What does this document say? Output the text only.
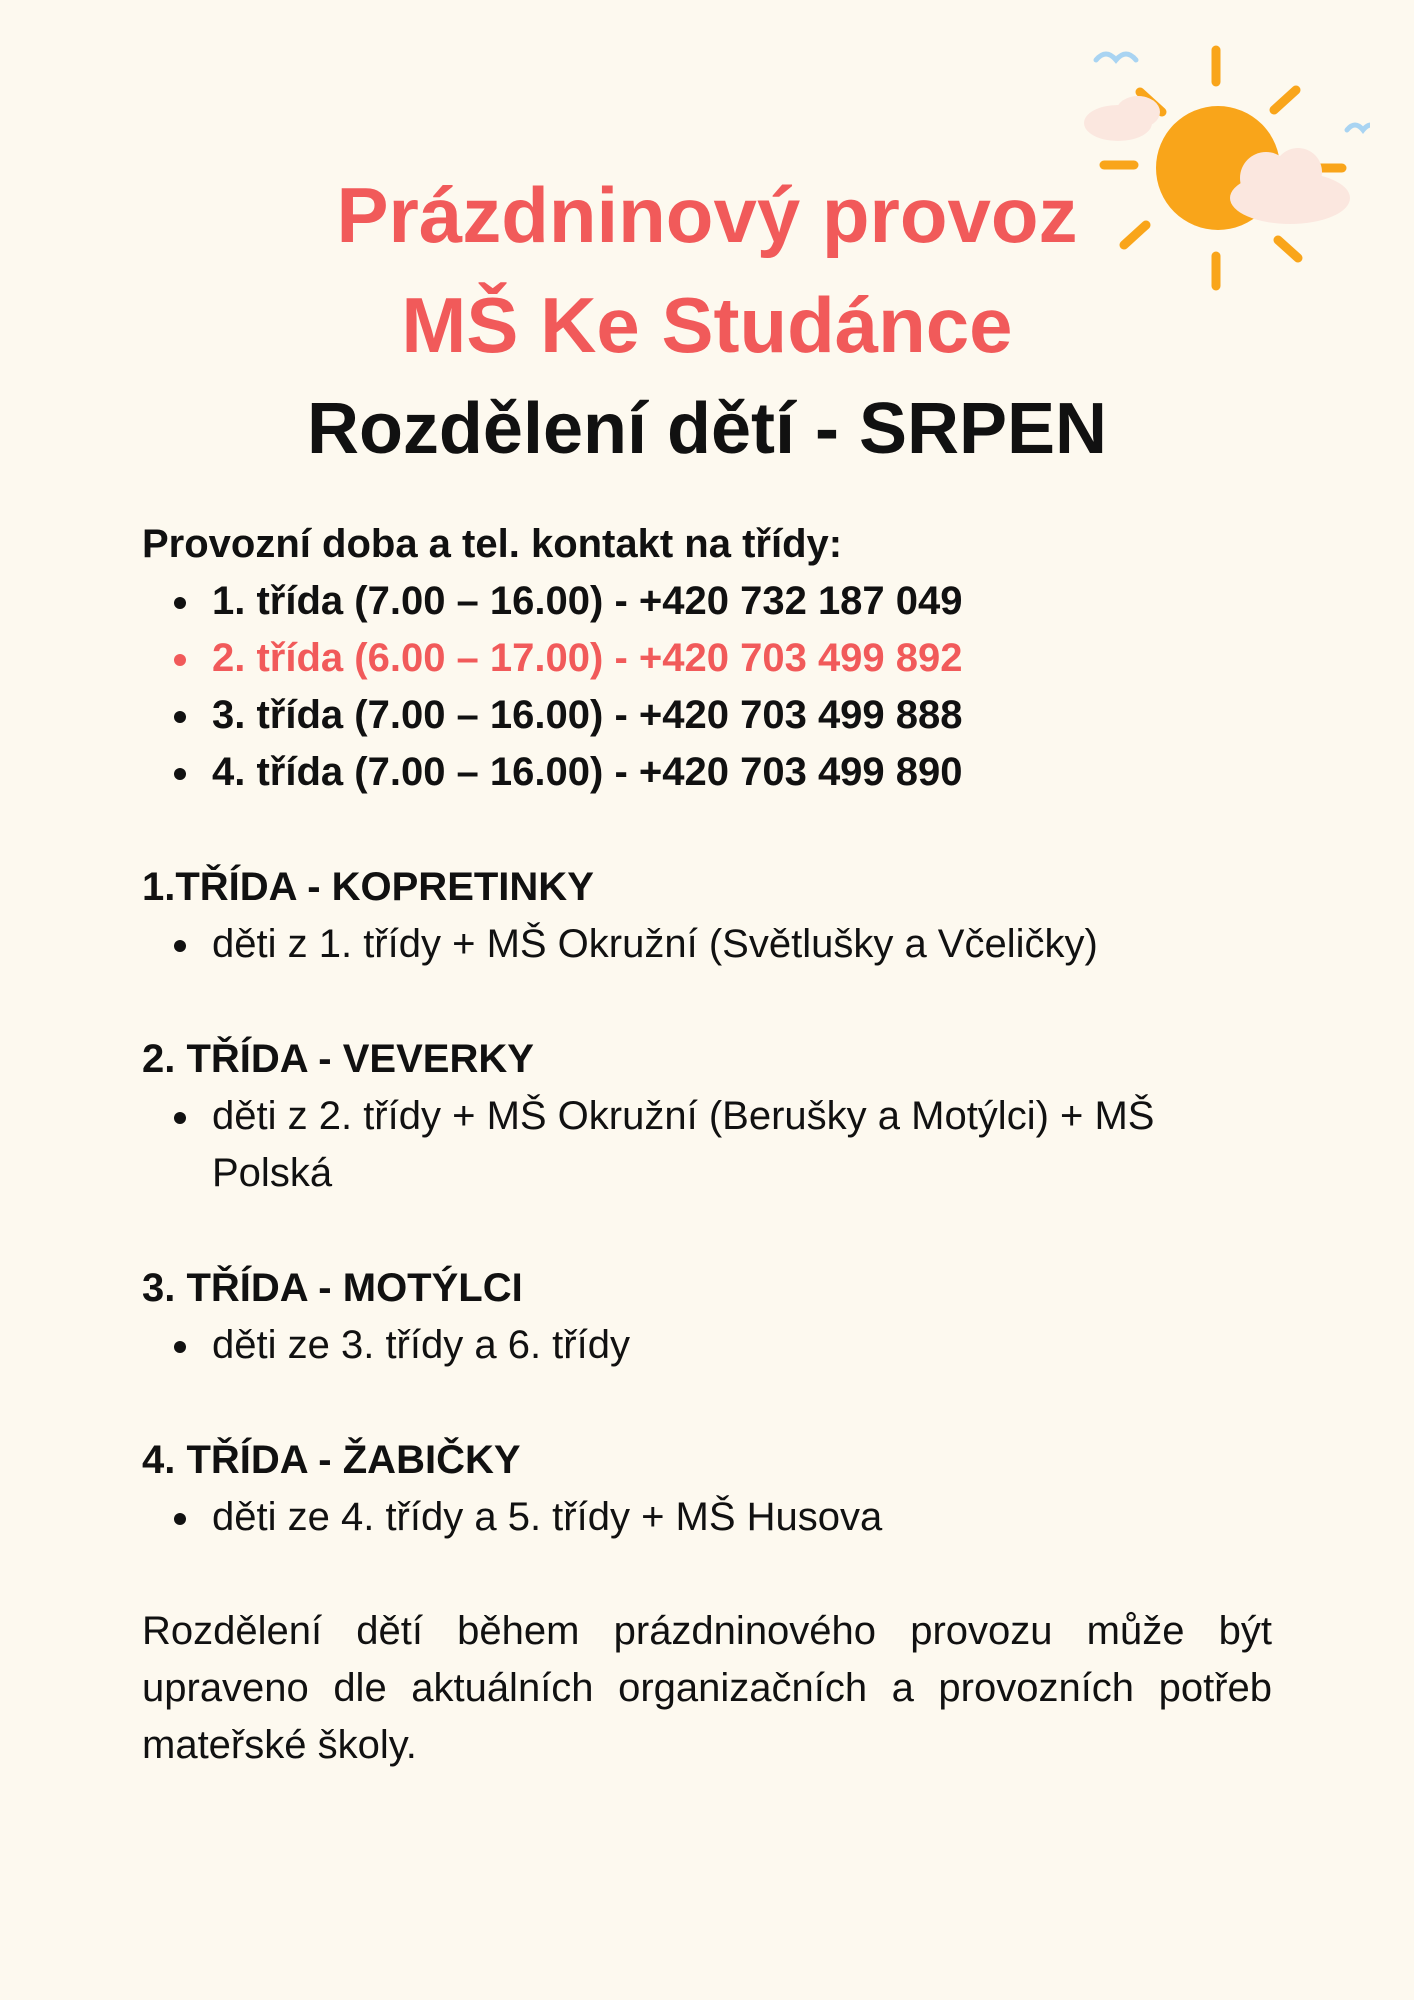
Prázdninový provoz
MŠ Ke Studánce
Rozdělení dětí - SRPEN
Provozní doba a tel. kontakt na třídy:
1. třída (7.00 – 16.00) - +420 732 187 049
2. třída (6.00 – 17.00) - +420 703 499 892
3. třída (7.00 – 16.00) - +420 703 499 888
4. třída (7.00 – 16.00) - +420 703 499 890
1.TŘÍDA - KOPRETINKY
děti z 1. třídy + MŠ Okružní (Světlušky a Včeličky)
2. TŘÍDA - VEVERKY
děti z 2. třídy + MŠ Okružní (Berušky a Motýlci) + MŠ Polská
3. TŘÍDA - MOTÝLCI
děti ze 3. třídy a 6. třídy
4. TŘÍDA - ŽABIČKY
děti ze 4. třídy a 5. třídy + MŠ Husova
Rozdělení dětí během prázdninového provozu může být upraveno dle aktuálních organizačních a provozních potřeb mateřské školy.
